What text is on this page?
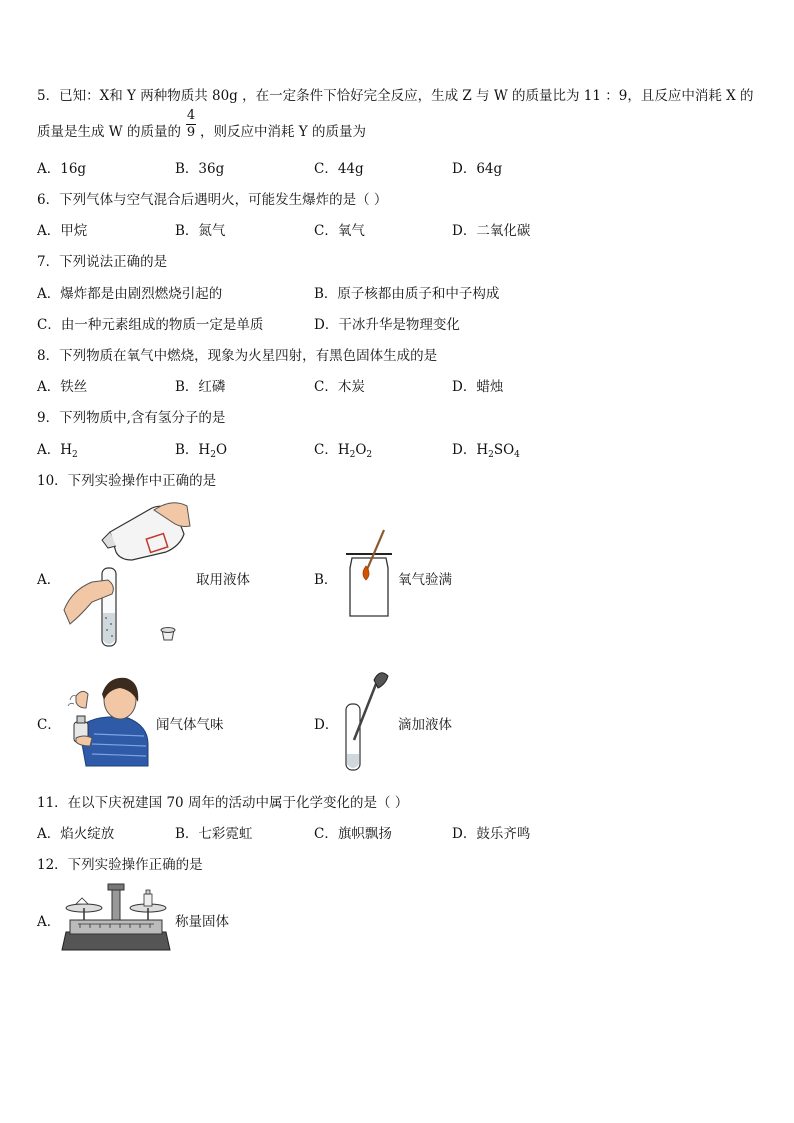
5．已知：X和 Y 两种物质共 80g ，在一定条件下恰好完全反应，生成 Z 与 W 的质量比为 11 ：9，且反应中消耗 X 的
质量是生成 W 的质量的
4
9 ，则反应中消耗 Y 的质量为
A．16g	B．36g	C．44g	D．64g
6．下列气体与空气混合后遇明火，可能发生爆炸的是（ ）
A．甲烷	B．氮气	C．氧气	D．二氧化碳
7．下列说法正确的是
A．爆炸都是由剧烈燃烧引起的	B．原子核都由质子和中子构成
C．由一种元素组成的物质一定是单质	D．干冰升华是物理变化
8．下列物质在氧气中燃烧，现象为火星四射，有黑色固体生成的是
A．铁丝	B．红磷	C．木炭	D．蜡烛
9．下列物质中,含有氢分子的是
A．$H_2$	B．$H_2O$	C．$H_2O_2$	D．$H_2SO_4$
10．下列实验操作中正确的是
A．	取用液体	B．	氧气验满
C．	闻气体气味	D．	滴加液体
11．在以下庆祝建国 70 周年的活动中属于化学变化的是（ ）
A．焰火绽放	B．七彩霓虹	C．旗帜飘扬	D．鼓乐齐鸣
12．下列实验操作正确的是
A．	称量固体
